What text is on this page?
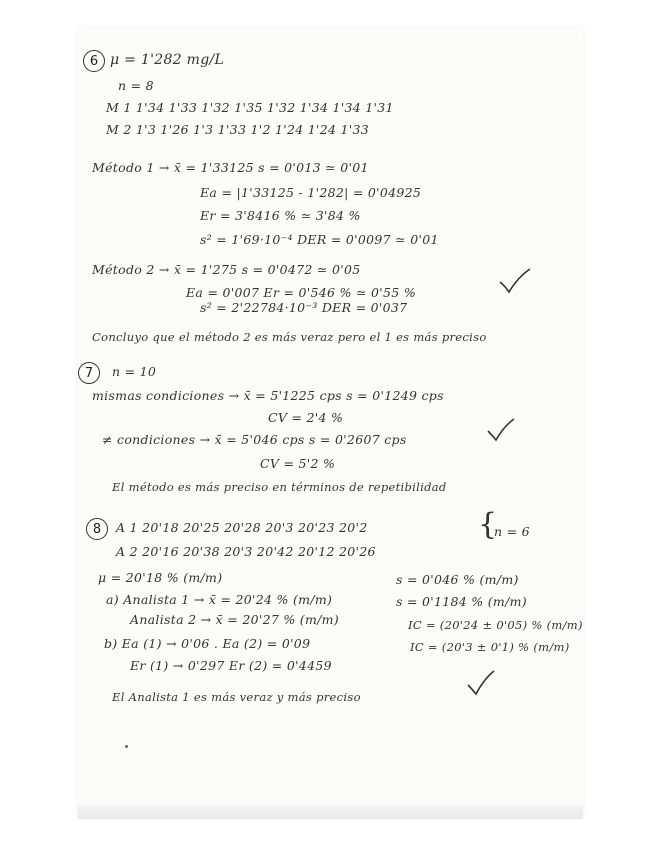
6 μ = 1'282 mg/L
n = 8
M 1 1'34 1'33 1'32 1'35 1'32 1'34 1'34 1'31
M 2 1'3 1'26 1'3 1'33 1'2 1'24 1'24 1'33
Método 1 → x̄ = 1'33125 s = 0'013 ≃ 0'01
Ea = |1'33125 - 1'282| = 0'04925
Er = 3'8416 % ≃ 3'84 %
s² = 1'69·10⁻⁴ DER = 0'0097 ≃ 0'01
Método 2 → x̄ = 1'275 s = 0'0472 ≃ 0'05
Ea = 0'007 Er = 0'546 % ≃ 0'55 %
s² = 2'22784·10⁻³ DER = 0'037
Concluyo que el método 2 es más veraz pero el 1 es más preciso
7	n = 10
mismas condiciones → x̄ = 5'1225 cps s = 0'1249 cps
CV = 2'4 %
≠ condiciones → x̄ = 5'046 cps s = 0'2607 cps
CV = 5'2 %
El método es más preciso en términos de repetibilidad
8	A 1 20'18 20'25 20'28 20'3 20'23 20'2	{
n = 6
A 2 20'16 20'38 20'3 20'42 20'12 20'26
μ = 20'18 % (m/m)
a) Analista 1 → x̄ = 20'24 % (m/m)
s = 0'046 % (m/m)
Analista 2 → x̄ = 20'27 % (m/m)
s = 0'1184 % (m/m)
IC = (20'24 ± 0'05) % (m/m)
IC = (20'3 ± 0'1) % (m/m)
b) Ea (1) → 0'06 . Ea (2) = 0'09
Er (1) → 0'297 Er (2) = 0'4459
El Analista 1 es más veraz y más preciso
